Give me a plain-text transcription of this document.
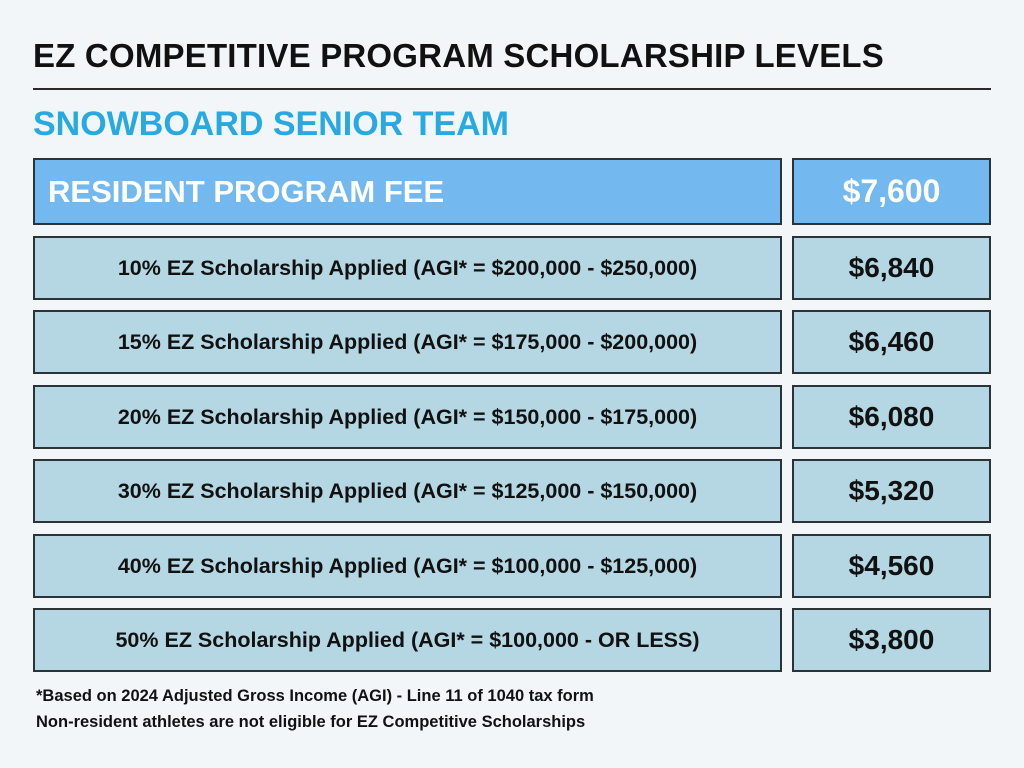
EZ COMPETITIVE PROGRAM SCHOLARSHIP LEVELS
SNOWBOARD SENIOR TEAM
RESIDENT PROGRAM FEE	$7,600
10% EZ Scholarship Applied (AGI* = $200,000 - $250,000)	$6,840
15% EZ Scholarship Applied (AGI* = $175,000 - $200,000)	$6,460
20% EZ Scholarship Applied (AGI* = $150,000 - $175,000)	$6,080
30% EZ Scholarship Applied (AGI* = $125,000 - $150,000)	$5,320
40% EZ Scholarship Applied (AGI* = $100,000 - $125,000)	$4,560
50% EZ Scholarship Applied (AGI* = $100,000 - OR LESS)	$3,800
*Based on 2024 Adjusted Gross Income (AGI) - Line 11 of 1040 tax form
Non-resident athletes are not eligible for EZ Competitive Scholarships
